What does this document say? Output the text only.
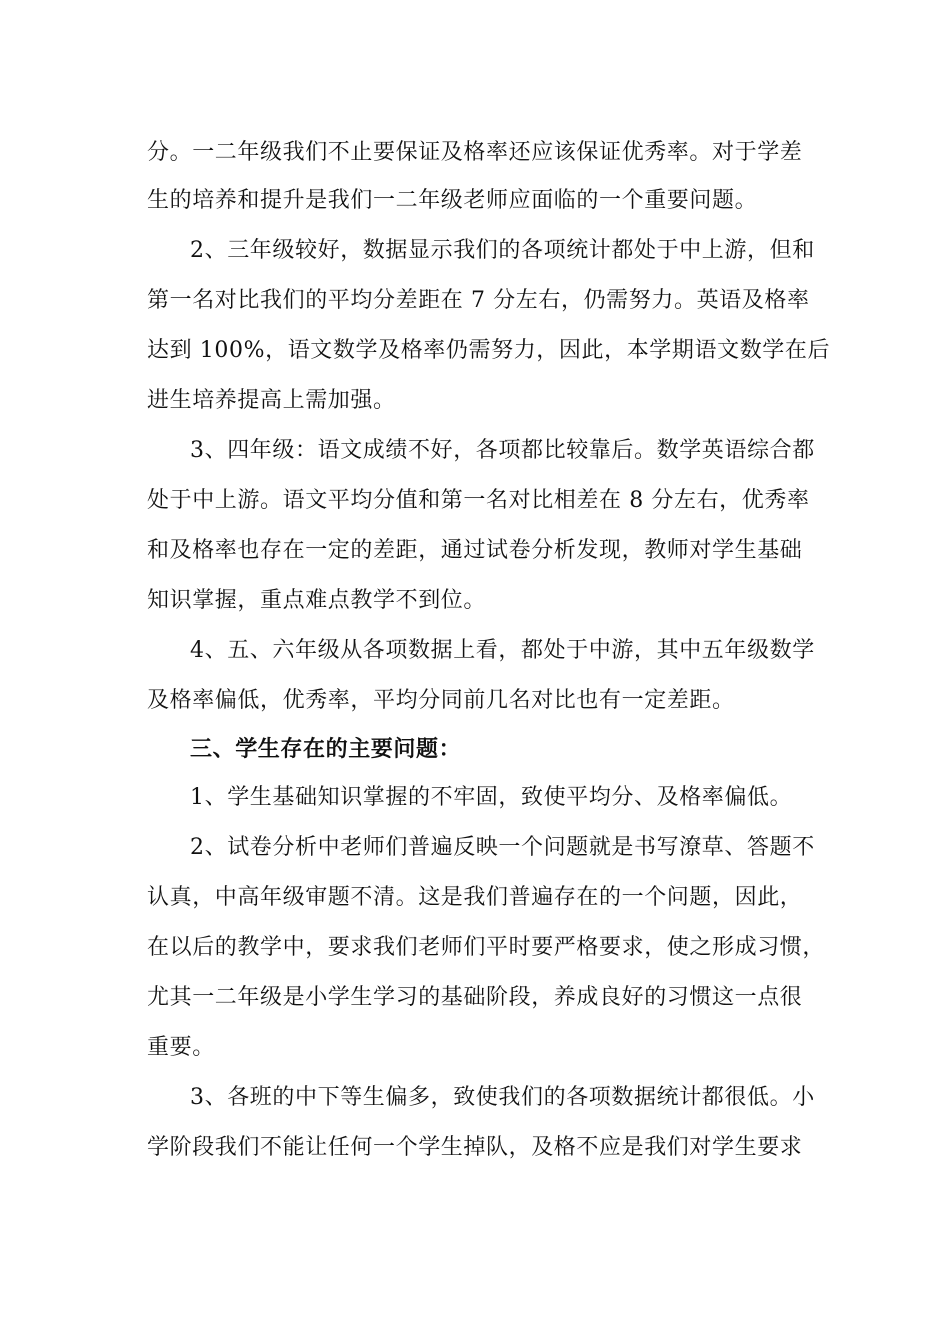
分。一二年级我们不止要保证及格率还应该保证优秀率。对于学差

生的培养和提升是我们一二年级老师应面临的一个重要问题。

2、三年级较好，数据显示我们的各项统计都处于中上游，但和

第一名对比我们的平均分差距在 7 分左右，仍需努力。英语及格率

达到 100%，语文数学及格率仍需努力，因此，本学期语文数学在后

进生培养提高上需加强。

3、四年级：语文成绩不好，各项都比较靠后。数学英语综合都

处于中上游。语文平均分值和第一名对比相差在 8 分左右，优秀率

和及格率也存在一定的差距，通过试卷分析发现，教师对学生基础

知识掌握，重点难点教学不到位。

4、五、六年级从各项数据上看，都处于中游，其中五年级数学

及格率偏低，优秀率，平均分同前几名对比也有一定差距。

三、学生存在的主要问题：

1、学生基础知识掌握的不牢固，致使平均分、及格率偏低。

2、试卷分析中老师们普遍反映一个问题就是书写潦草、答题不

认真，中高年级审题不清。这是我们普遍存在的一个问题，因此，

在以后的教学中，要求我们老师们平时要严格要求，使之形成习惯，

尤其一二年级是小学生学习的基础阶段，养成良好的习惯这一点很

重要。

3、各班的中下等生偏多，致使我们的各项数据统计都很低。小

学阶段我们不能让任何一个学生掉队，及格不应是我们对学生要求
